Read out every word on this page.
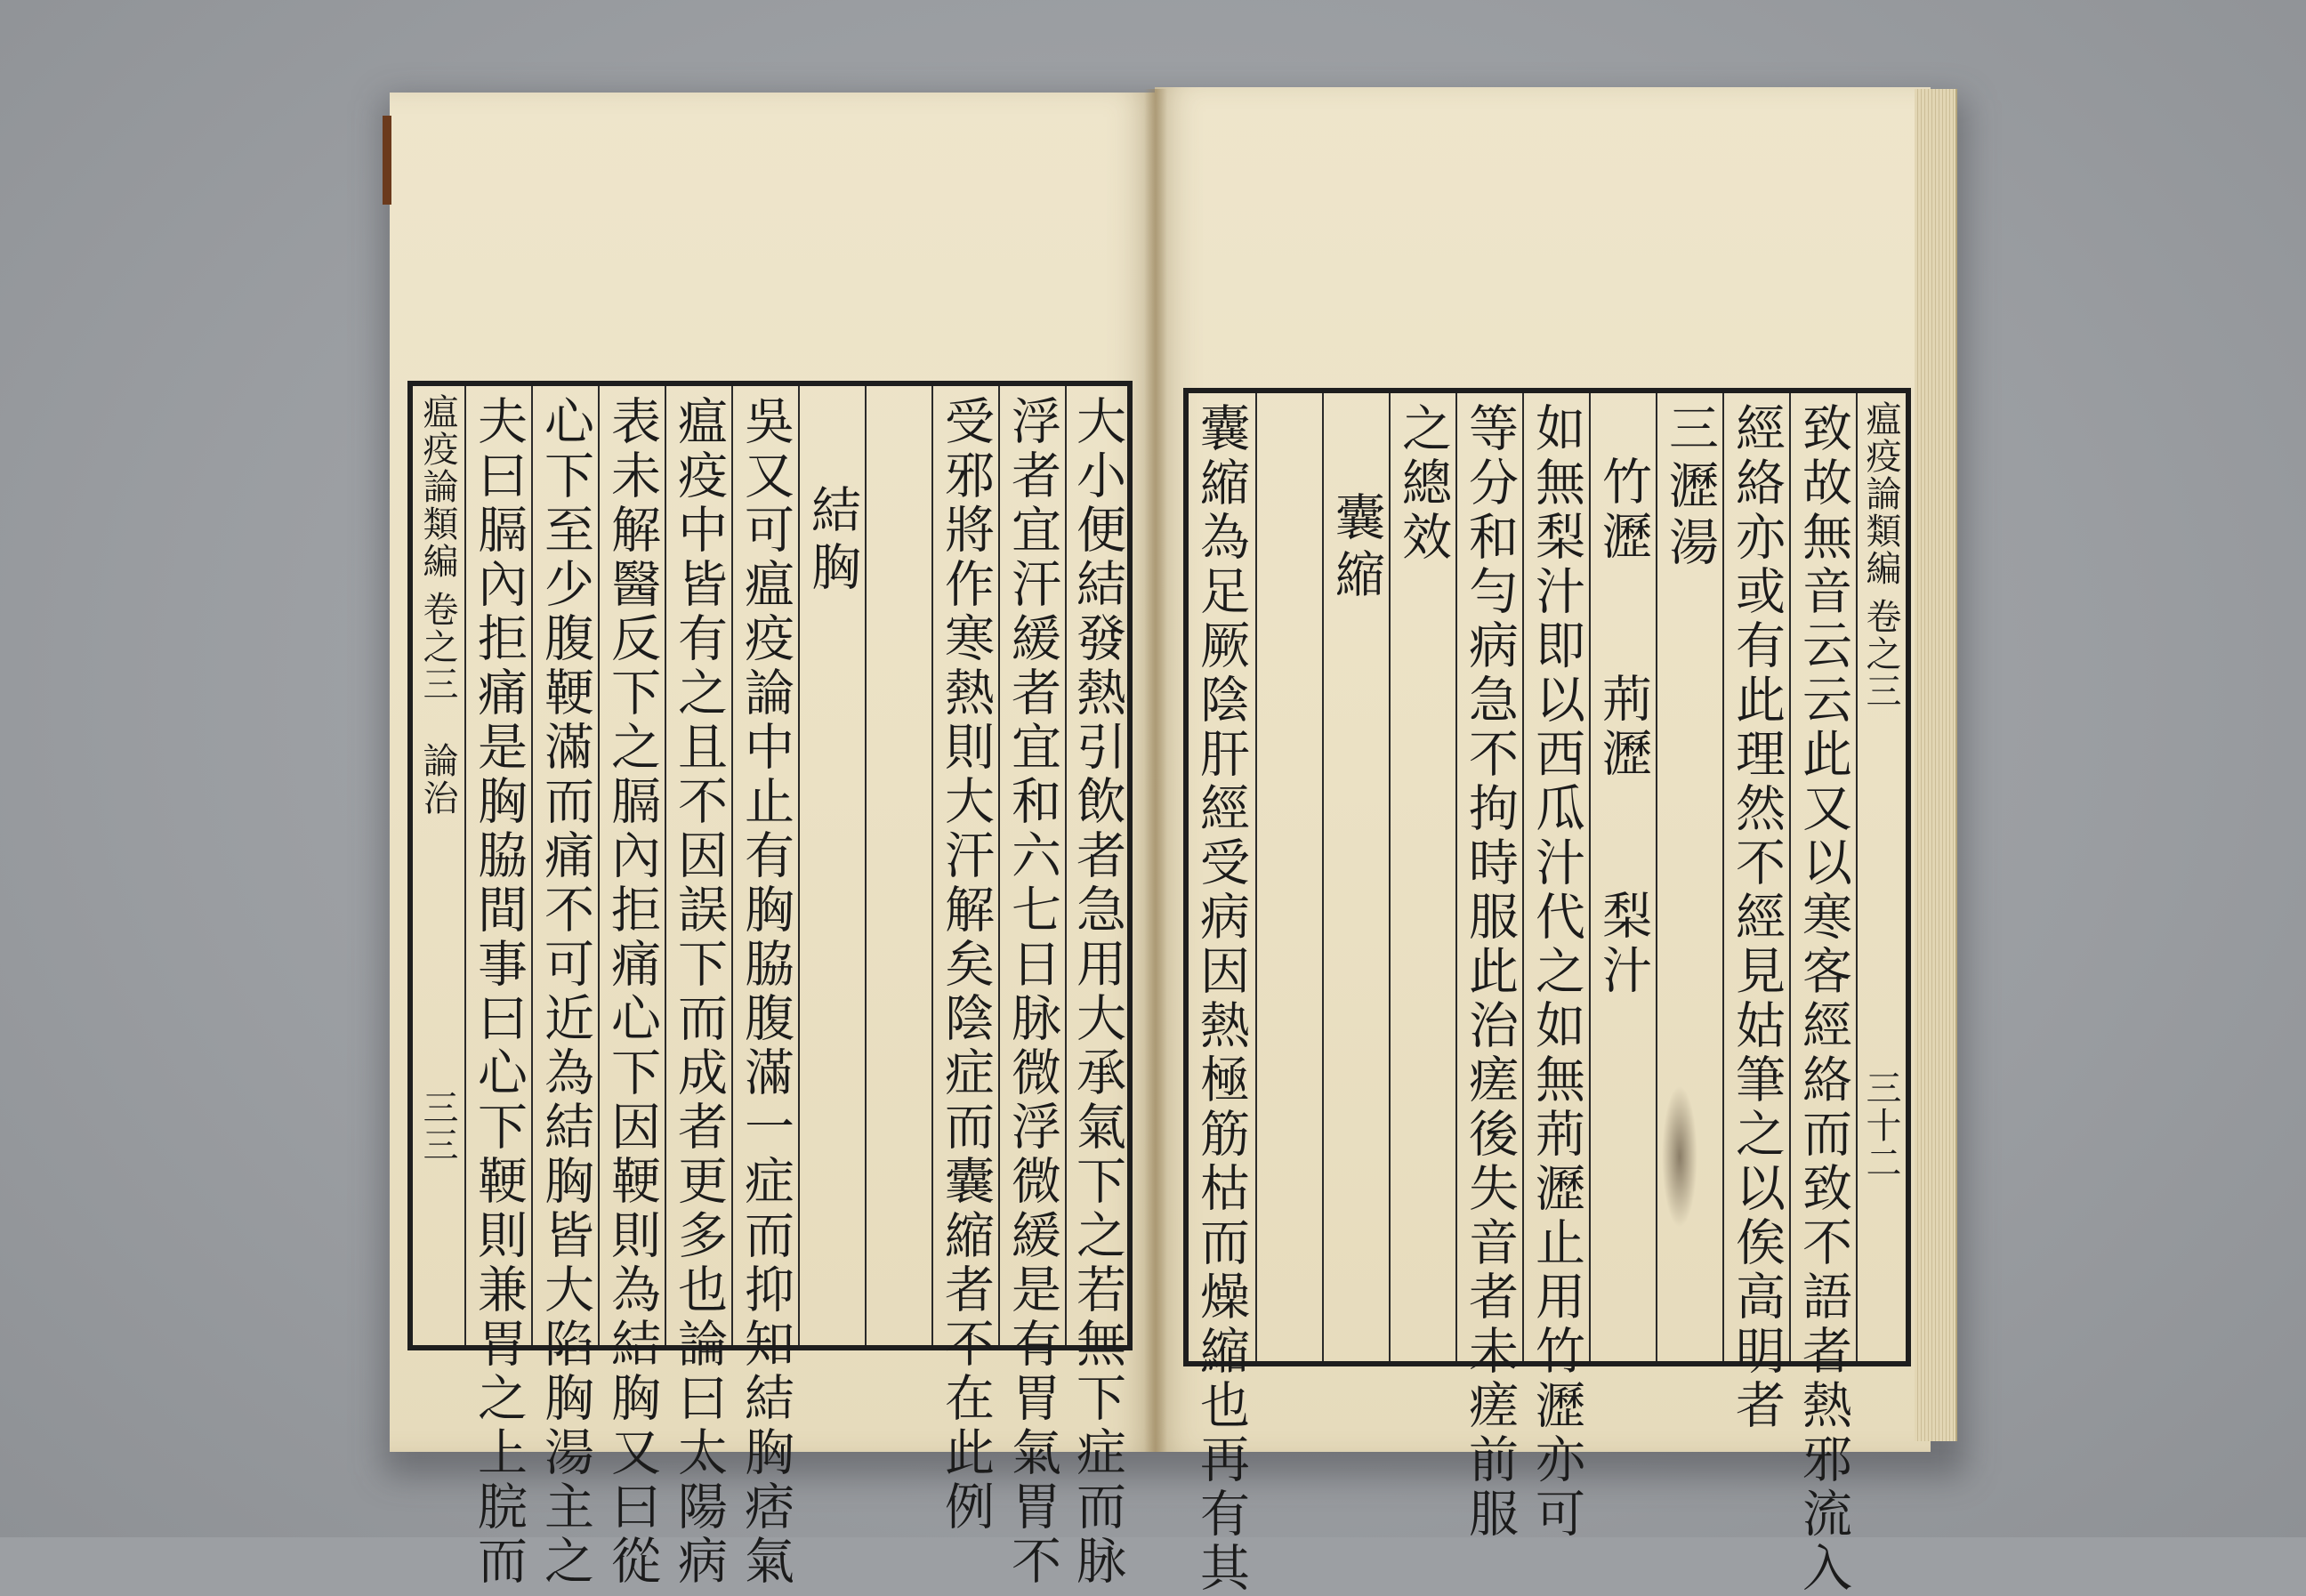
瘟疫論類編
卷之三
論治
三三 夫曰膈內拒痛是胸脇間事曰心下鞕則兼胃之上脘而 心下至少腹鞕滿而痛不可近為結胸皆大陷胸湯主之 表未解醫反下之膈內拒痛心下因鞕則為結胸又曰從 瘟疫中皆有之且不因誤下而成者更多也論曰太陽病 吳又可瘟疫論中止有胸脇腹滿一症而抑知結胸痞氣 結胸 受邪將作寒熱則大汗解矣陰症而囊縮者不在此例 浮者宜汗緩者宜和六七日脉微浮微緩是有胃氣胃不 大小便結發熱引飲者急用大承氣下之若無下症而脉 囊縮為足厥陰肝經受病因熱極筋枯而燥縮也再有其 囊縮 之總效 等分和勻病急不拘時服此治瘥後失音者未瘥前服 如無梨汁即以西瓜汁代之如無荊瀝止用竹瀝亦可 竹瀝　　荊瀝　　梨汁 三瀝湯 經絡亦或有此理然不經見姑筆之以俟高明者 致故無音云云此又以寒客經絡而致不語者熱邪流入 瘟疫論類編
卷之三
三十二
